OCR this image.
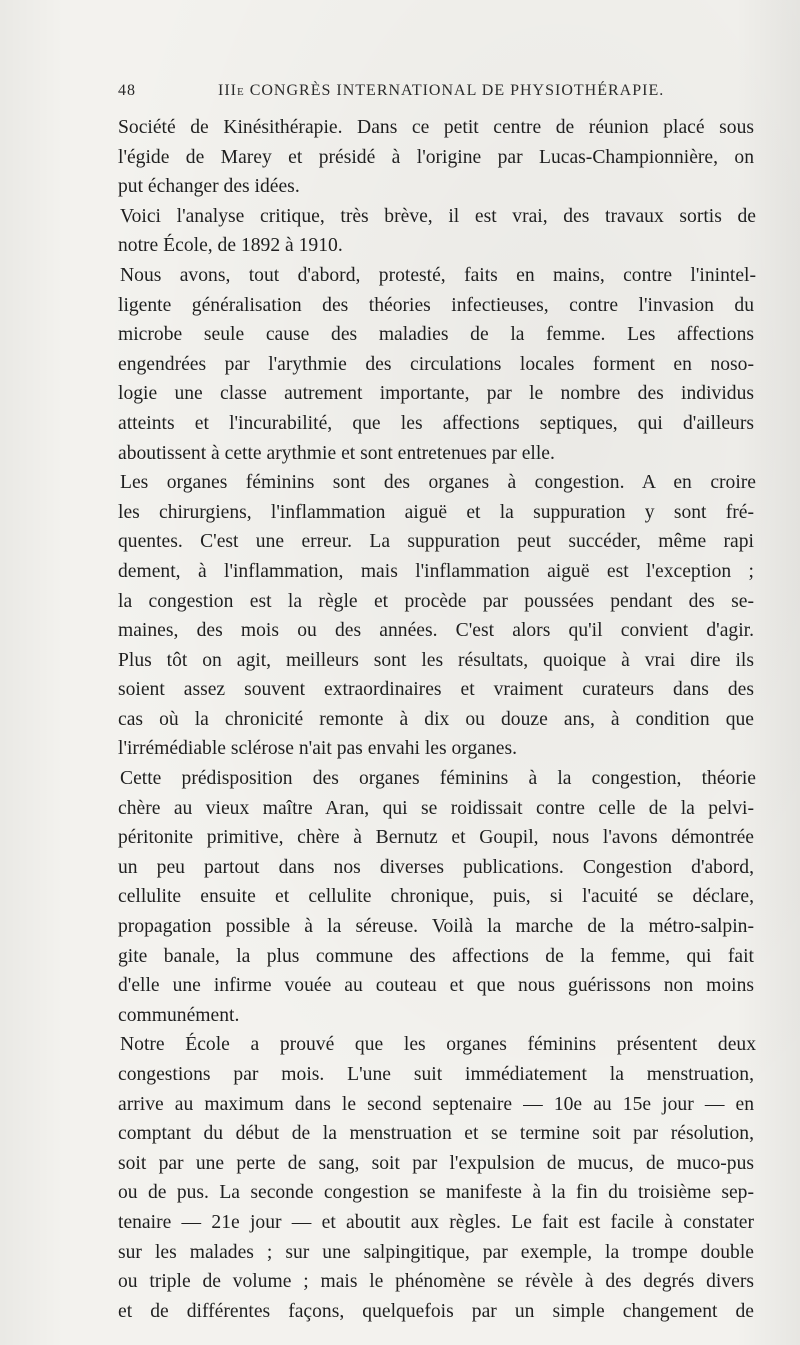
48	IIIe CONGRÈS INTERNATIONAL DE PHYSIOTHÉRAPIE.
Société de Kinésithérapie. Dans ce petit centre de réunion placé sous
l'égide de Marey et présidé à l'origine par Lucas-Championnière, on
put échanger des idées.
Voici l'analyse critique, très brève, il est vrai, des travaux sortis de
notre École, de 1892 à 1910.
Nous avons, tout d'abord, protesté, faits en mains, contre l'inintel-
ligente généralisation des théories infectieuses, contre l'invasion du
microbe seule cause des maladies de la femme. Les affections
engendrées par l'arythmie des circulations locales forment en noso-
logie une classe autrement importante, par le nombre des individus
atteints et l'incurabilité, que les affections septiques, qui d'ailleurs
aboutissent à cette arythmie et sont entretenues par elle.
Les organes féminins sont des organes à congestion. A en croire
les chirurgiens, l'inflammation aiguë et la suppuration y sont fré-
quentes. C'est une erreur. La suppuration peut succéder, même rapi
dement, à l'inflammation, mais l'inflammation aiguë est l'exception ;
la congestion est la règle et procède par poussées pendant des se-
maines, des mois ou des années. C'est alors qu'il convient d'agir.
Plus tôt on agit, meilleurs sont les résultats, quoique à vrai dire ils
soient assez souvent extraordinaires et vraiment curateurs dans des
cas où la chronicité remonte à dix ou douze ans, à condition que
l'irrémédiable sclérose n'ait pas envahi les organes.
Cette prédisposition des organes féminins à la congestion, théorie
chère au vieux maître Aran, qui se roidissait contre celle de la pelvi-
péritonite primitive, chère à Bernutz et Goupil, nous l'avons démontrée
un peu partout dans nos diverses publications. Congestion d'abord,
cellulite ensuite et cellulite chronique, puis, si l'acuité se déclare,
propagation possible à la séreuse. Voilà la marche de la métro-salpin-
gite banale, la plus commune des affections de la femme, qui fait
d'elle une infirme vouée au couteau et que nous guérissons non moins
communément.
Notre École a prouvé que les organes féminins présentent deux
congestions par mois. L'une suit immédiatement la menstruation,
arrive au maximum dans le second septenaire — 10e au 15e jour — en
comptant du début de la menstruation et se termine soit par résolution,
soit par une perte de sang, soit par l'expulsion de mucus, de muco-pus
ou de pus. La seconde congestion se manifeste à la fin du troisième sep-
tenaire — 21e jour — et aboutit aux règles. Le fait est facile à constater
sur les malades ; sur une salpingitique, par exemple, la trompe double
ou triple de volume ; mais le phénomène se révèle à des degrés divers
et de différentes façons, quelquefois par un simple changement de
